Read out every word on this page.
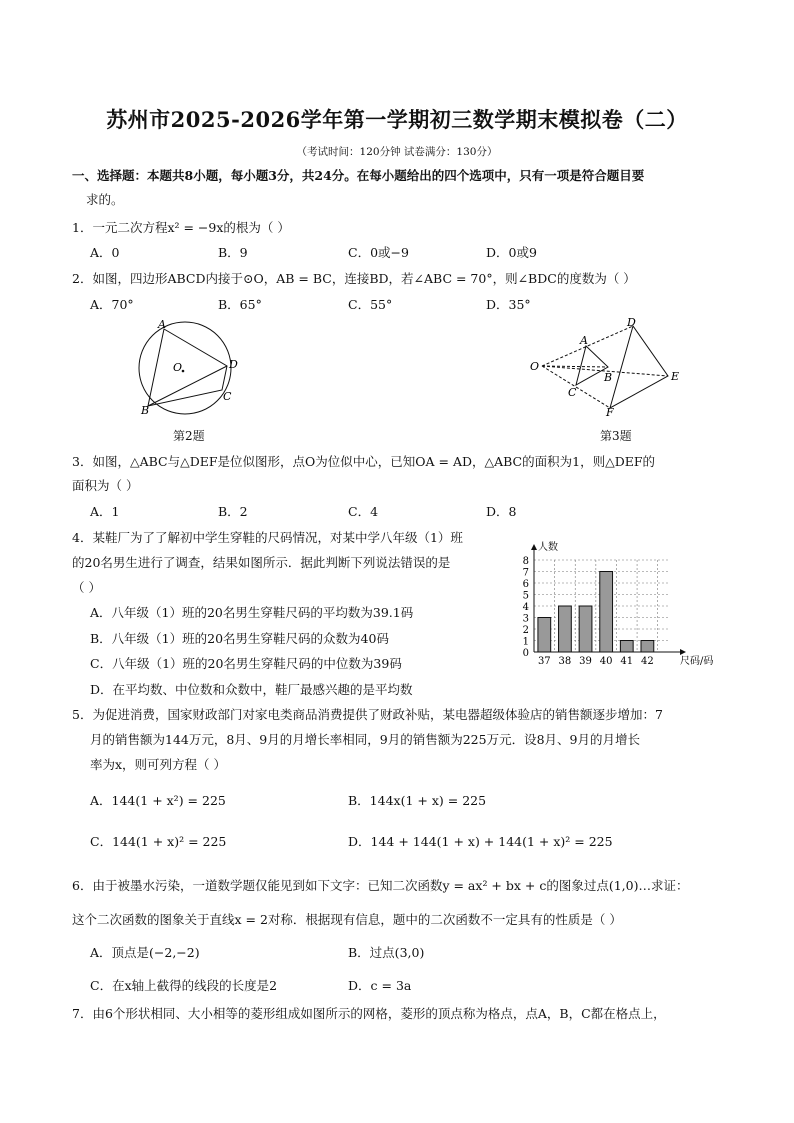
苏州市2025-2026学年第一学期初三数学期末模拟卷（二）
（考试时间：120分钟 试卷满分：130分）
一、选择题：本题共8小题，每小题3分，共24分。在每小题给出的四个选项中，只有一项是符合题目要
求的。
1．一元二次方程x² = −9x的根为（ ）
A．0	B．9	C．0或−9	D．0或9
2．如图，四边形ABCD内接于⊙O，AB = BC，连接BD，若∠ABC = 70°，则∠BDC的度数为（ ）
A．70°	B．65°	C．55°	D．35°
A
O	D
C
B
第2题
O
A
B
C
D
E
F
第3题
3．如图，△ABC与△DEF是位似图形，点O为位似中心，已知OA = AD，△ABC的面积为1，则△DEF的
面积为（ ）
A．1	B．2	C．4	D．8
4．某鞋厂为了了解初中学生穿鞋的尺码情况，对某中学八年级（1）班
的20名男生进行了调查，结果如图所示．据此判断下列说法错误的是
（ ）
A．八年级（1）班的20名男生穿鞋尺码的平均数为39.1码
B．八年级（1）班的20名男生穿鞋尺码的众数为40码
C．八年级（1）班的20名男生穿鞋尺码的中位数为39码
D．在平均数、中位数和众数中，鞋厂最感兴趣的是平均数
0
1
2
3
4
5
6
7
8
37 38 39 40 41 42
人数
尺码/码
5．为促进消费，国家财政部门对家电类商品消费提供了财政补贴，某电器超级体验店的销售额逐步增加：7
月的销售额为144万元，8月、9月的月增长率相同，9月的销售额为225万元．设8月、9月的月增长
率为x，则可列方程（ ）
A．144(1 + x²) = 225	B．144x(1 + x) = 225
C．144(1 + x)² = 225	D．144 + 144(1 + x) + 144(1 + x)² = 225
6．由于被墨水污染，一道数学题仅能见到如下文字：已知二次函数y = ax² + bx + c的图象过点(1,0)…求证：
这个二次函数的图象关于直线x = 2对称．根据现有信息，题中的二次函数不一定具有的性质是（ ）
A．顶点是(−2,−2)	B．过点(3,0)
C．在x轴上截得的线段的长度是2	D．c = 3a
7．由6个形状相同、大小相等的菱形组成如图所示的网格，菱形的顶点称为格点，点A，B，C都在格点上，
